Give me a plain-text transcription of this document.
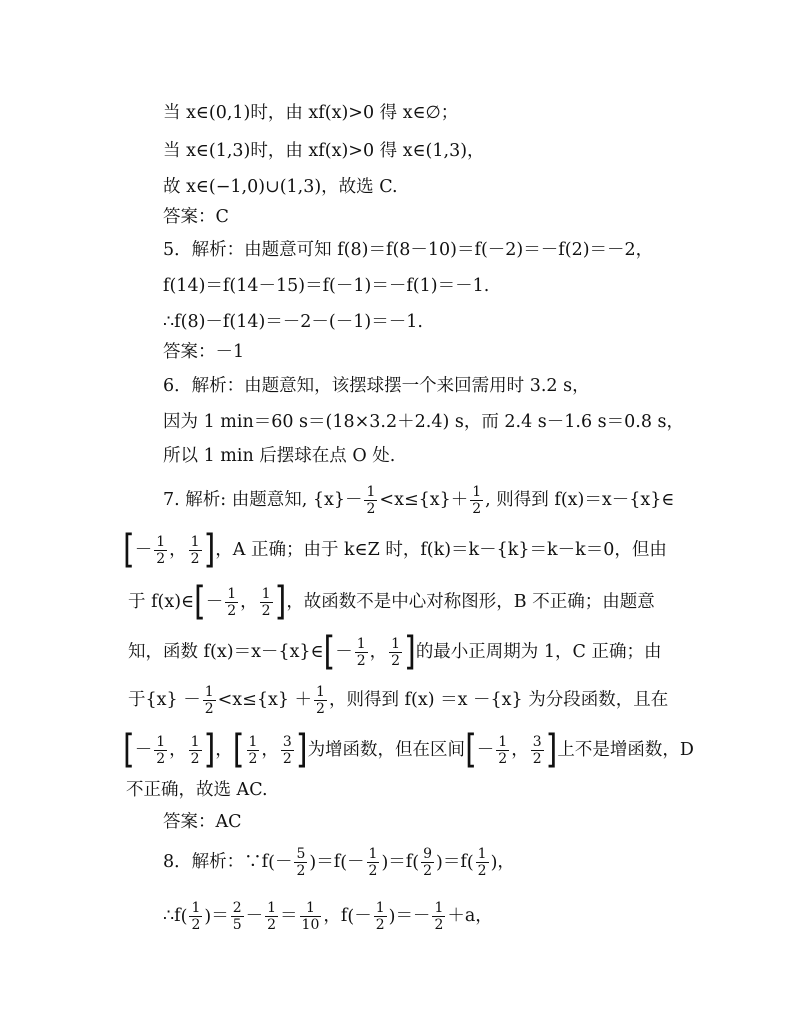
当 x∈(0,1)时，由 xf(x)>0 得 x∈∅；
当 x∈(1,3)时，由 xf(x)>0 得 x∈(1,3)，
故 x∈(−1,0)∪(1,3)，故选 C.
答案：C
5．解析：由题意可知 f(8)＝f(8－10)＝f(－2)＝－f(2)＝－2，
f(14)＝f(14－15)＝f(－1)＝－f(1)＝－1.
∴f(8)－f(14)＝－2－(－1)＝－1.
答案：－1
6．解析：由题意知，该摆球摆一个来回需用时 3.2 s，
因为 1 min＝60 s＝(18×3.2＋2.4) s，而 2.4 s－1.6 s＝0.8 s，
所以 1 min 后摆球在点 O 处.
7. 解析: 由题意知, $\{x\}- \frac{1}{2} <x\le\{x\}+ \frac{1}{2}$ , 则得到 f(x)＝x－{x}∈
[－ $\frac{1}{2}$ ， $\frac{1}{2}$ ]，A 正确；由于 k∈Z 时，f(k)＝k－{k}＝k－k＝0，但由
于 f(x)∈[－ $\frac{1}{2}$ ， $\frac{1}{2}$ ]，故函数不是中心对称图形，B 不正确；由题意
知，函数 f(x)＝x－{x}∈[－ $\frac{1}{2}$ ， $\frac{1}{2}$ ]的最小正周期为 1，C 正确；由
于$\{x\} - \frac{1}{2} <x\le\{x\} + \frac{1}{2}$ ，则得到 f(x) ＝x －{x} 为分段函数，且在
[－ $\frac{1}{2}$ ， $\frac{1}{2}$ ]，[ $\frac{1}{2}$ ， $\frac{3}{2}$ ]为增函数，但在区间[－ $\frac{1}{2}$ ， $\frac{3}{2}$ ]上不是增函数，D
不正确，故选 AC.
答案：AC
8．解析：∵f(－ $\frac{5}{2} )=f(- \frac{1}{2} )=f( \frac{9}{2} )=f( \frac{1}{2}$ )，
∴f( $\frac{1}{2}$ )＝ $\frac{2}{5} - \frac{1}{2} = \frac{1}{10}$ ，$f(- \frac{1}{2}$ )＝－ $\frac{1}{2} +a$，
